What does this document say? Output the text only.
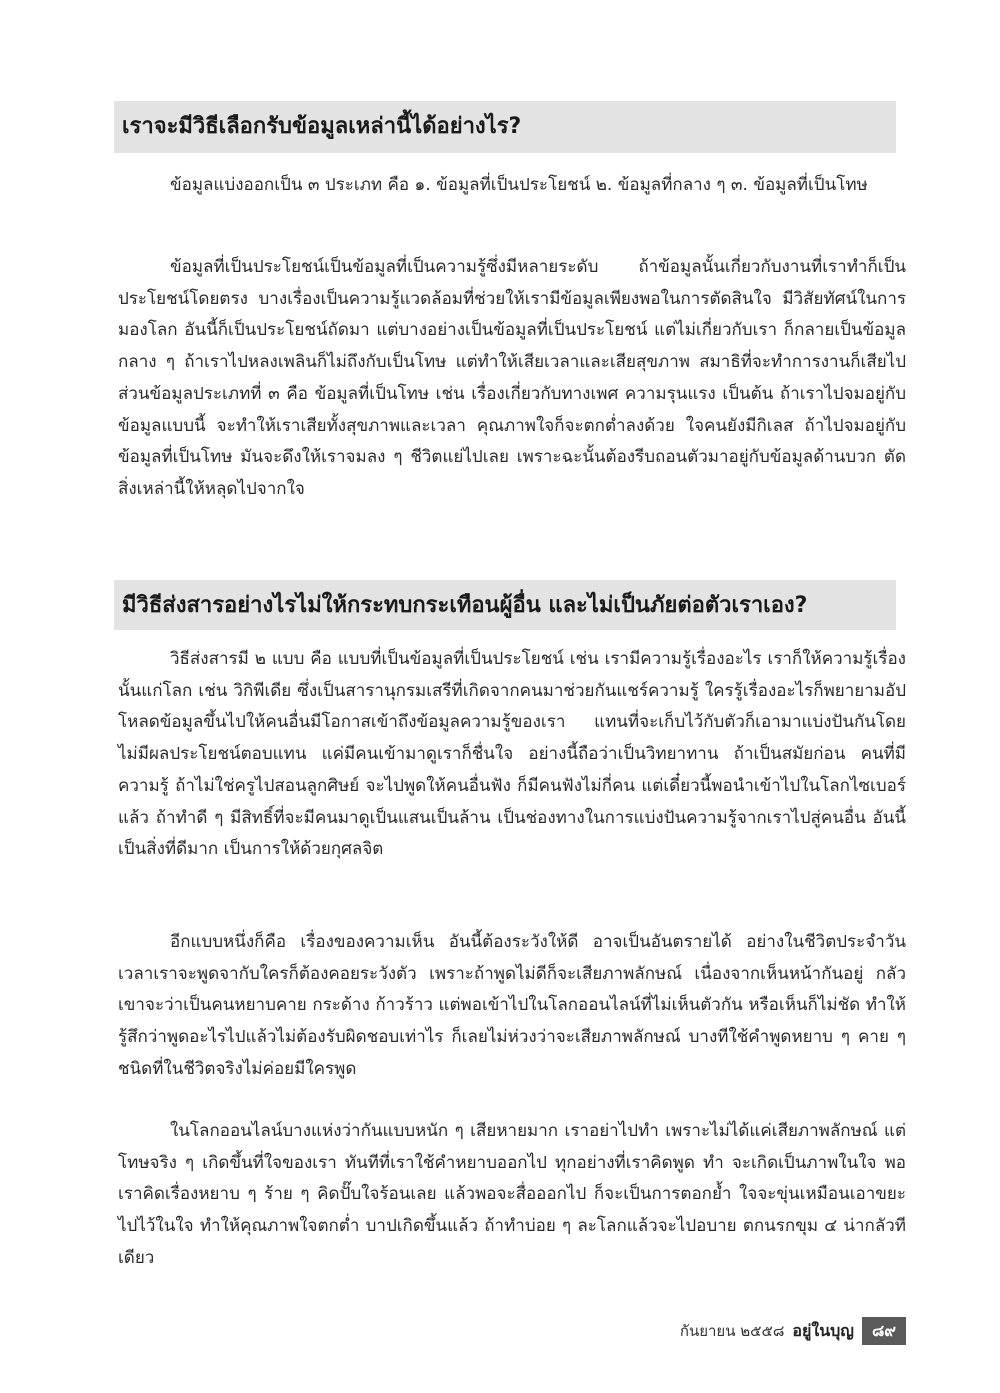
เราจะมีวิธีเลือกรับข้อมูลเหล่านี้ได้อย่างไร?

ข้อมูลแบ่งออกเป็น ๓ ประเภท คือ ๑. ข้อมูลที่เป็นประโยชน์ ๒. ข้อมูลที่กลาง ๆ ๓. ข้อมูลที่เป็นโทษ

ข้อมูลที่เป็นประโยชน์เป็นข้อมูลที่เป็นความรู้ซึ่งมีหลายระดับ ถ้าข้อมูลนั้นเกี่ยวกับงานที่เราทำก็เป็นประโยชน์โดยตรง บางเรื่องเป็นความรู้แวดล้อมที่ช่วยให้เรามีข้อมูลเพียงพอในการตัดสินใจ มีวิสัยทัศน์ในการมองโลก อันนี้ก็เป็นประโยชน์ถัดมา แต่บางอย่างเป็นข้อมูลที่เป็นประโยชน์ แต่ไม่เกี่ยวกับเรา ก็กลายเป็นข้อมูลกลาง ๆ ถ้าเราไปหลงเพลินก็ไม่ถึงกับเป็นโทษ แต่ทำให้เสียเวลาและเสียสุขภาพ สมาธิที่จะทำการงานก็เสียไป ส่วนข้อมูลประเภทที่ ๓ คือ ข้อมูลที่เป็นโทษ เช่น เรื่องเกี่ยวกับทางเพศ ความรุนแรง เป็นต้น ถ้าเราไปจมอยู่กับข้อมูลแบบนี้ จะทำให้เราเสียทั้งสุขภาพและเวลา คุณภาพใจก็จะตกต่ำลงด้วย ใจคนยังมีกิเลส ถ้าไปจมอยู่กับข้อมูลที่เป็นโทษ มันจะดึงให้เราจมลง ๆ ชีวิตแย่ไปเลย เพราะฉะนั้นต้องรีบถอนตัวมาอยู่กับข้อมูลด้านบวก ตัดสิ่งเหล่านี้ให้หลุดไปจากใจ

มีวิธีส่งสารอย่างไรไม่ให้กระทบกระเทือนผู้อื่น และไม่เป็นภัยต่อตัวเราเอง?

วิธีส่งสารมี ๒ แบบ คือ แบบที่เป็นข้อมูลที่เป็นประโยชน์ เช่น เรามีความรู้เรื่องอะไร เราก็ให้ความรู้เรื่องนั้นแก่โลก เช่น วิกิพีเดีย ซึ่งเป็นสารานุกรมเสรีที่เกิดจากคนมาช่วยกันแชร์ความรู้ ใครรู้เรื่องอะไรก็พยายามอัปโหลดข้อมูลขึ้นไปให้คนอื่นมีโอกาสเข้าถึงข้อมูลความรู้ของเรา แทนที่จะเก็บไว้กับตัวก็เอามาแบ่งปันกันโดยไม่มีผลประโยชน์ตอบแทน แค่มีคนเข้ามาดูเราก็ชื่นใจ อย่างนี้ถือว่าเป็นวิทยาทาน ถ้าเป็นสมัยก่อน คนที่มีความรู้ ถ้าไม่ใช่ครูไปสอนลูกศิษย์ จะไปพูดให้คนอื่นฟัง ก็มีคนฟังไม่กี่คน แต่เดี๋ยวนี้พอนำเข้าไปในโลกไซเบอร์แล้ว ถ้าทำดี ๆ มีสิทธิ์ที่จะมีคนมาดูเป็นแสนเป็นล้าน เป็นช่องทางในการแบ่งปันความรู้จากเราไปสู่คนอื่น อันนี้เป็นสิ่งที่ดีมาก เป็นการให้ด้วยกุศลจิต

อีกแบบหนึ่งก็คือ เรื่องของความเห็น อันนี้ต้องระวังให้ดี อาจเป็นอันตรายได้ อย่างในชีวิตประจำวัน เวลาเราจะพูดจากับใครก็ต้องคอยระวังตัว เพราะถ้าพูดไม่ดีก็จะเสียภาพลักษณ์ เนื่องจากเห็นหน้ากันอยู่ กลัวเขาจะว่าเป็นคนหยาบคาย กระด้าง ก้าวร้าว แต่พอเข้าไปในโลกออนไลน์ที่ไม่เห็นตัวกัน หรือเห็นก็ไม่ชัด ทำให้รู้สึกว่าพูดอะไรไปแล้วไม่ต้องรับผิดชอบเท่าไร ก็เลยไม่ห่วงว่าจะเสียภาพลักษณ์ บางทีใช้คำพูดหยาบ ๆ คาย ๆ ชนิดที่ในชีวิตจริงไม่ค่อยมีใครพูด

ในโลกออนไลน์บางแห่งว่ากันแบบหนัก ๆ เสียหายมาก เราอย่าไปทำ เพราะไม่ได้แค่เสียภาพลักษณ์ แต่โทษจริง ๆ เกิดขึ้นที่ใจของเรา ทันทีที่เราใช้คำหยาบออกไป ทุกอย่างที่เราคิดพูด ทำ จะเกิดเป็นภาพในใจ พอเราคิดเรื่องหยาบ ๆ ร้าย ๆ คิดปั๊บใจร้อนเลย แล้วพอจะสื่อออกไป ก็จะเป็นการตอกย้ำ ใจจะขุ่นเหมือนเอาขยะไปไว้ในใจ ทำให้คุณภาพใจตกต่ำ บาปเกิดขึ้นแล้ว ถ้าทำบ่อย ๆ ละโลกแล้วจะไปอบาย ตกนรกขุม ๔ น่ากลัวทีเดียว

กันยายน ๒๕๕๘ อยู่ในบุญ	๘๙
